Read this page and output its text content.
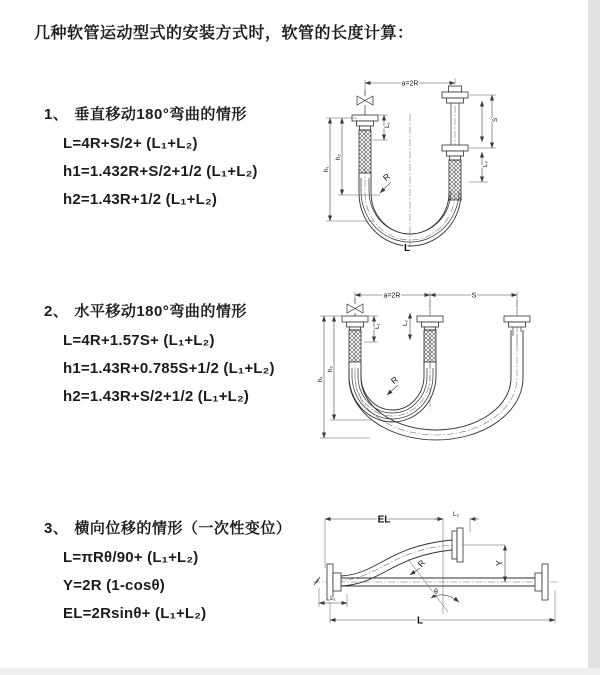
几种软管运动型式的安装方式时，软管的长度计算：
1、 垂直移动180°弯曲的情形
L=4R+S/2+ (L₁+L₂)
h1=1.432R+S/2+1/2 (L₁+L₂)
h2=1.43R+1/2 (L₁+L₂)
2、 水平移动180°弯曲的情形
L=4R+1.57S+ (L₁+L₂)
h1=1.43R+0.785S+1/2 (L₁+L₂)
h2=1.43R+S/2+1/2 (L₁+L₂)
3、 横向位移的情形（一次性变位）
L=πRθ/90+ (L₁+L₂)
Y=2R (1-cosθ)
EL=2Rsinθ+ (L₁+L₂)
a=2R
S
L₂
L₁
h₁
h₂
R
L
a=2R	S
h₁
h₂
L₁
L₂
R
EL	L₂
Y
L
L₁
θ
R
